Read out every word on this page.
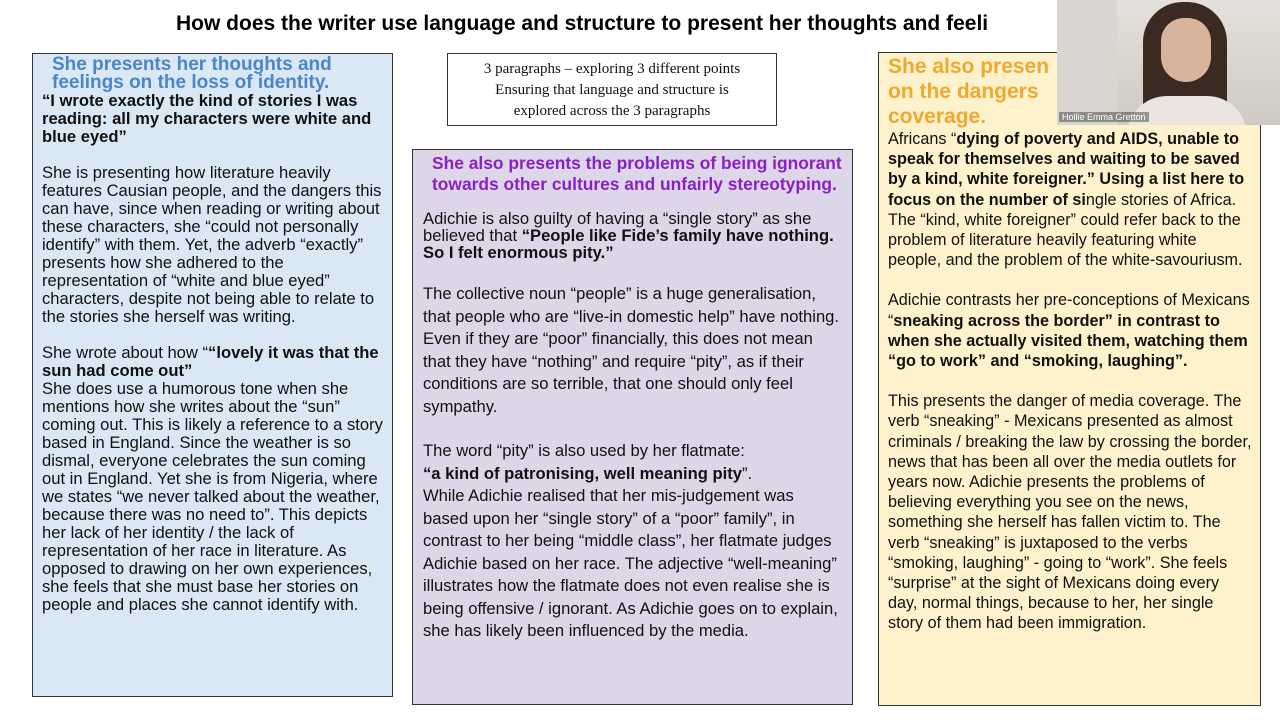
How does the writer use language and structure to present her thoughts and feeli
She presents her thoughts and
feelings on the loss of identity.

“I wrote exactly the kind of stories I was reading: all my characters were white and blue eyed”

She is presenting how literature heavily features Causian people, and the dangers this can have, since when reading or writing about these characters, she “could not personally identify” with them. Yet, the adverb “exactly” presents how she adhered to the representation of “white and blue eyed” characters, despite not being able to relate to the stories she herself was writing.

She wrote about how ““lovely it was that the sun had come out”

She does use a humorous tone when she mentions how she writes about the “sun” coming out. This is likely a reference to a story based in England. Since the weather is so dismal, everyone celebrates the sun coming out in England. Yet she is from Nigeria, where we states “we never talked about the weather, because there was no need to”. This depicts her lack of her identity / the lack of representation of her race in literature. As opposed to drawing on her own experiences, she feels that she must base her stories on people and places she cannot identify with.

3 paragraphs – exploring 3 different points
Ensuring that language and structure is
explored across the 3 paragraphs
She also presents the problems of being ignorant towards other cultures and unfairly stereotyping.

Adichie is also guilty of having a “single story” as she believed that “People like Fide’s family have nothing. So I felt enormous pity.”

The collective noun “people” is a huge generalisation, that people who are “live-in domestic help” have nothing. Even if they are “poor” financially, this does not mean that they have “nothing” and require “pity”, as if their conditions are so terrible, that one should only feel sympathy.

The word “pity” is also used by her flatmate:
“a kind of patronising, well meaning pity”.

While Adichie realised that her mis-judgement was based upon her “single story” of a “poor” family”, in contrast to her being “middle class”, her flatmate judges Adichie based on her race. The adjective “well-meaning” illustrates how the flatmate does not even realise she is being offensive / ignorant. As Adichie goes on to explain, she has likely been influenced by the media.

She also presen
on the dangers
coverage.

Africans “dying of poverty and AIDS, unable to speak for themselves and waiting to be saved by a kind, white foreigner.” Using a list here to focus on the number of single stories of Africa. The “kind, white foreigner” could refer back to the problem of literature heavily featuring white people, and the problem of the white-savouriusm.

Adichie contrasts her pre-conceptions of Mexicans “sneaking across the border” in contrast to when she actually visited them, watching them “go to work” and “smoking, laughing”.

This presents the danger of media coverage. The verb “sneaking” - Mexicans presented as almost criminals / breaking the law by crossing the border, news that has been all over the media outlets for years now. Adichie presents the problems of believing everything you see on the news, something she herself has fallen victim to. The verb “sneaking” is juxtaposed to the verbs “smoking, laughing” - going to “work”. She feels “surprise” at the sight of Mexicans doing every day, normal things, because to her, her single story of them had been immigration.

Hollie Emma Gretton
